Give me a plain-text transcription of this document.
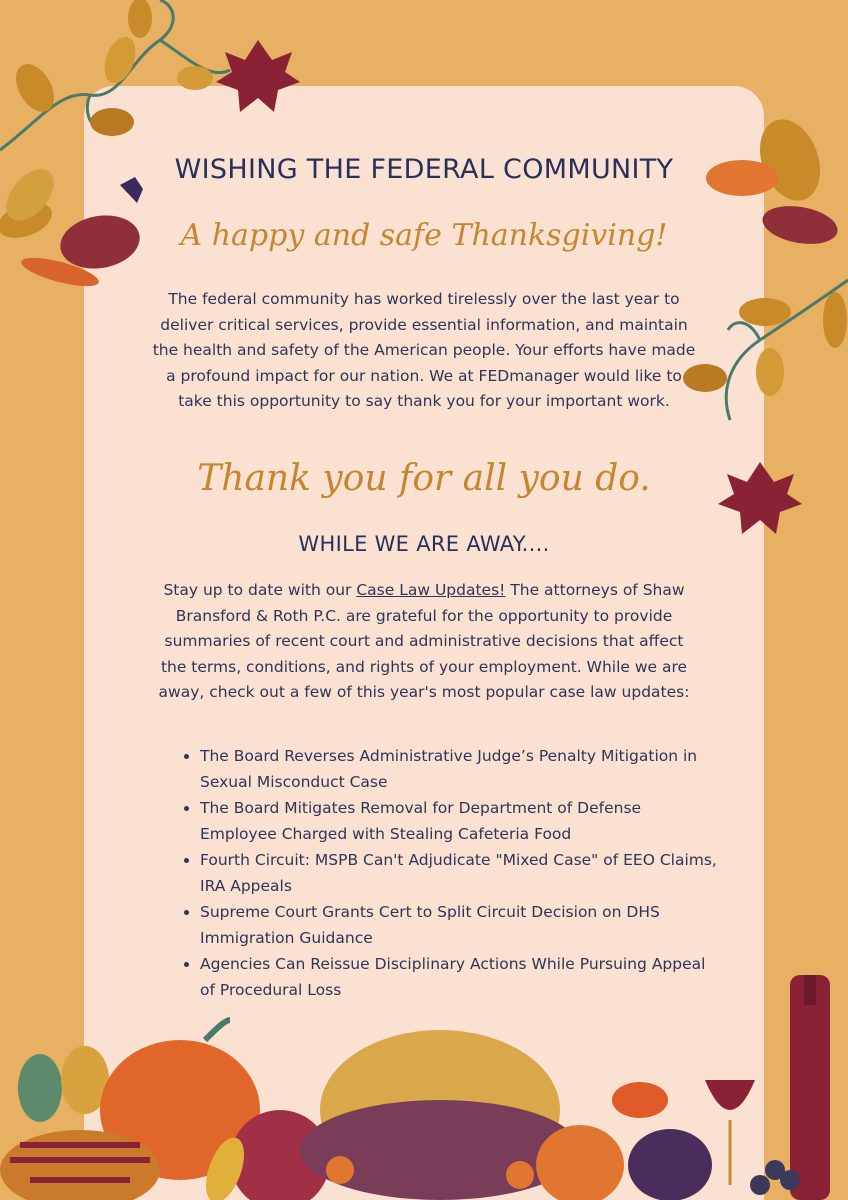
WISHING THE FEDERAL COMMUNITY
A happy and safe Thanksgiving!
The federal community has worked tirelessly over the last year to deliver critical services, provide essential information, and maintain the health and safety of the American people. Your efforts have made a profound impact for our nation. We at FEDmanager would like to take this opportunity to say thank you for your important work.
Thank you for all you do.
WHILE WE ARE AWAY....
Stay up to date with our Case Law Updates! The attorneys of Shaw Bransford & Roth P.C. are grateful for the opportunity to provide summaries of recent court and administrative decisions that affect the terms, conditions, and rights of your employment. While we are away, check out a few of this year's most popular case law updates:
• The Board Reverses Administrative Judge’s Penalty Mitigation in Sexual Misconduct Case
• The Board Mitigates Removal for Department of Defense Employee Charged with Stealing Cafeteria Food
• Fourth Circuit: MSPB Can't Adjudicate "Mixed Case" of EEO Claims, IRA Appeals
• Supreme Court Grants Cert to Split Circuit Decision on DHS Immigration Guidance
• Agencies Can Reissue Disciplinary Actions While Pursuing Appeal of Procedural Loss
